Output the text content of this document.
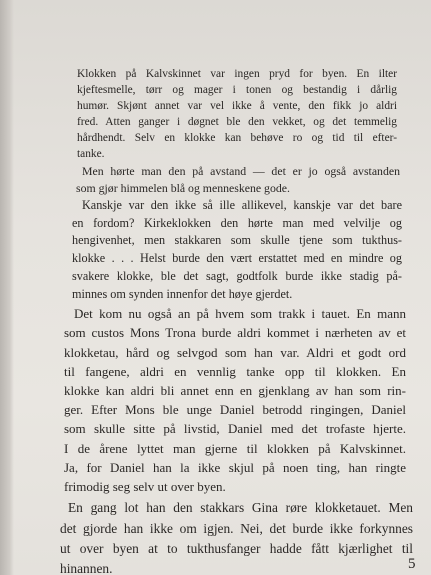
Klokken på Kalvskinnet var ingen pryd for byen. En ilter
kjeftesmelle, tørr og mager i tonen og bestandig i dårlig
humør. Skjønt annet var vel ikke å vente, den fikk jo aldri
fred. Atten ganger i døgnet ble den vekket, og det temmelig
hårdhendt. Selv en klokke kan behøve ro og tid til efter-
tanke.
Men hørte man den på avstand — det er jo også avstanden
som gjør himmelen blå og menneskene gode.
Kanskje var den ikke så ille allikevel, kanskje var det bare
en fordom? Kirkeklokken den hørte man med velvilje og
hengivenhet, men stakkaren som skulle tjene som tukthus-
klokke . . . Helst burde den vært erstattet med en mindre og
svakere klokke, ble det sagt, godtfolk burde ikke stadig på-
minnes om synden innenfor det høye gjerdet.
Det kom nu også an på hvem som trakk i tauet. En mann
som custos Mons Trona burde aldri kommet i nærheten av et
klokketau, hård og selvgod som han var. Aldri et godt ord
til fangene, aldri en vennlig tanke opp til klokken. En
klokke kan aldri bli annet enn en gjenklang av han som rin-
ger. Efter Mons ble unge Daniel betrodd ringingen, Daniel
som skulle sitte på livstid, Daniel med det trofaste hjerte.
I de årene lyttet man gjerne til klokken på Kalvskinnet.
Ja, for Daniel han la ikke skjul på noen ting, han ringte
frimodig seg selv ut over byen.
En gang lot han den stakkars Gina røre klokketauet. Men
det gjorde han ikke om igjen. Nei, det burde ikke forkynnes
ut over byen at to tukthusfanger hadde fått kjærlighet til
hinannen.	5
